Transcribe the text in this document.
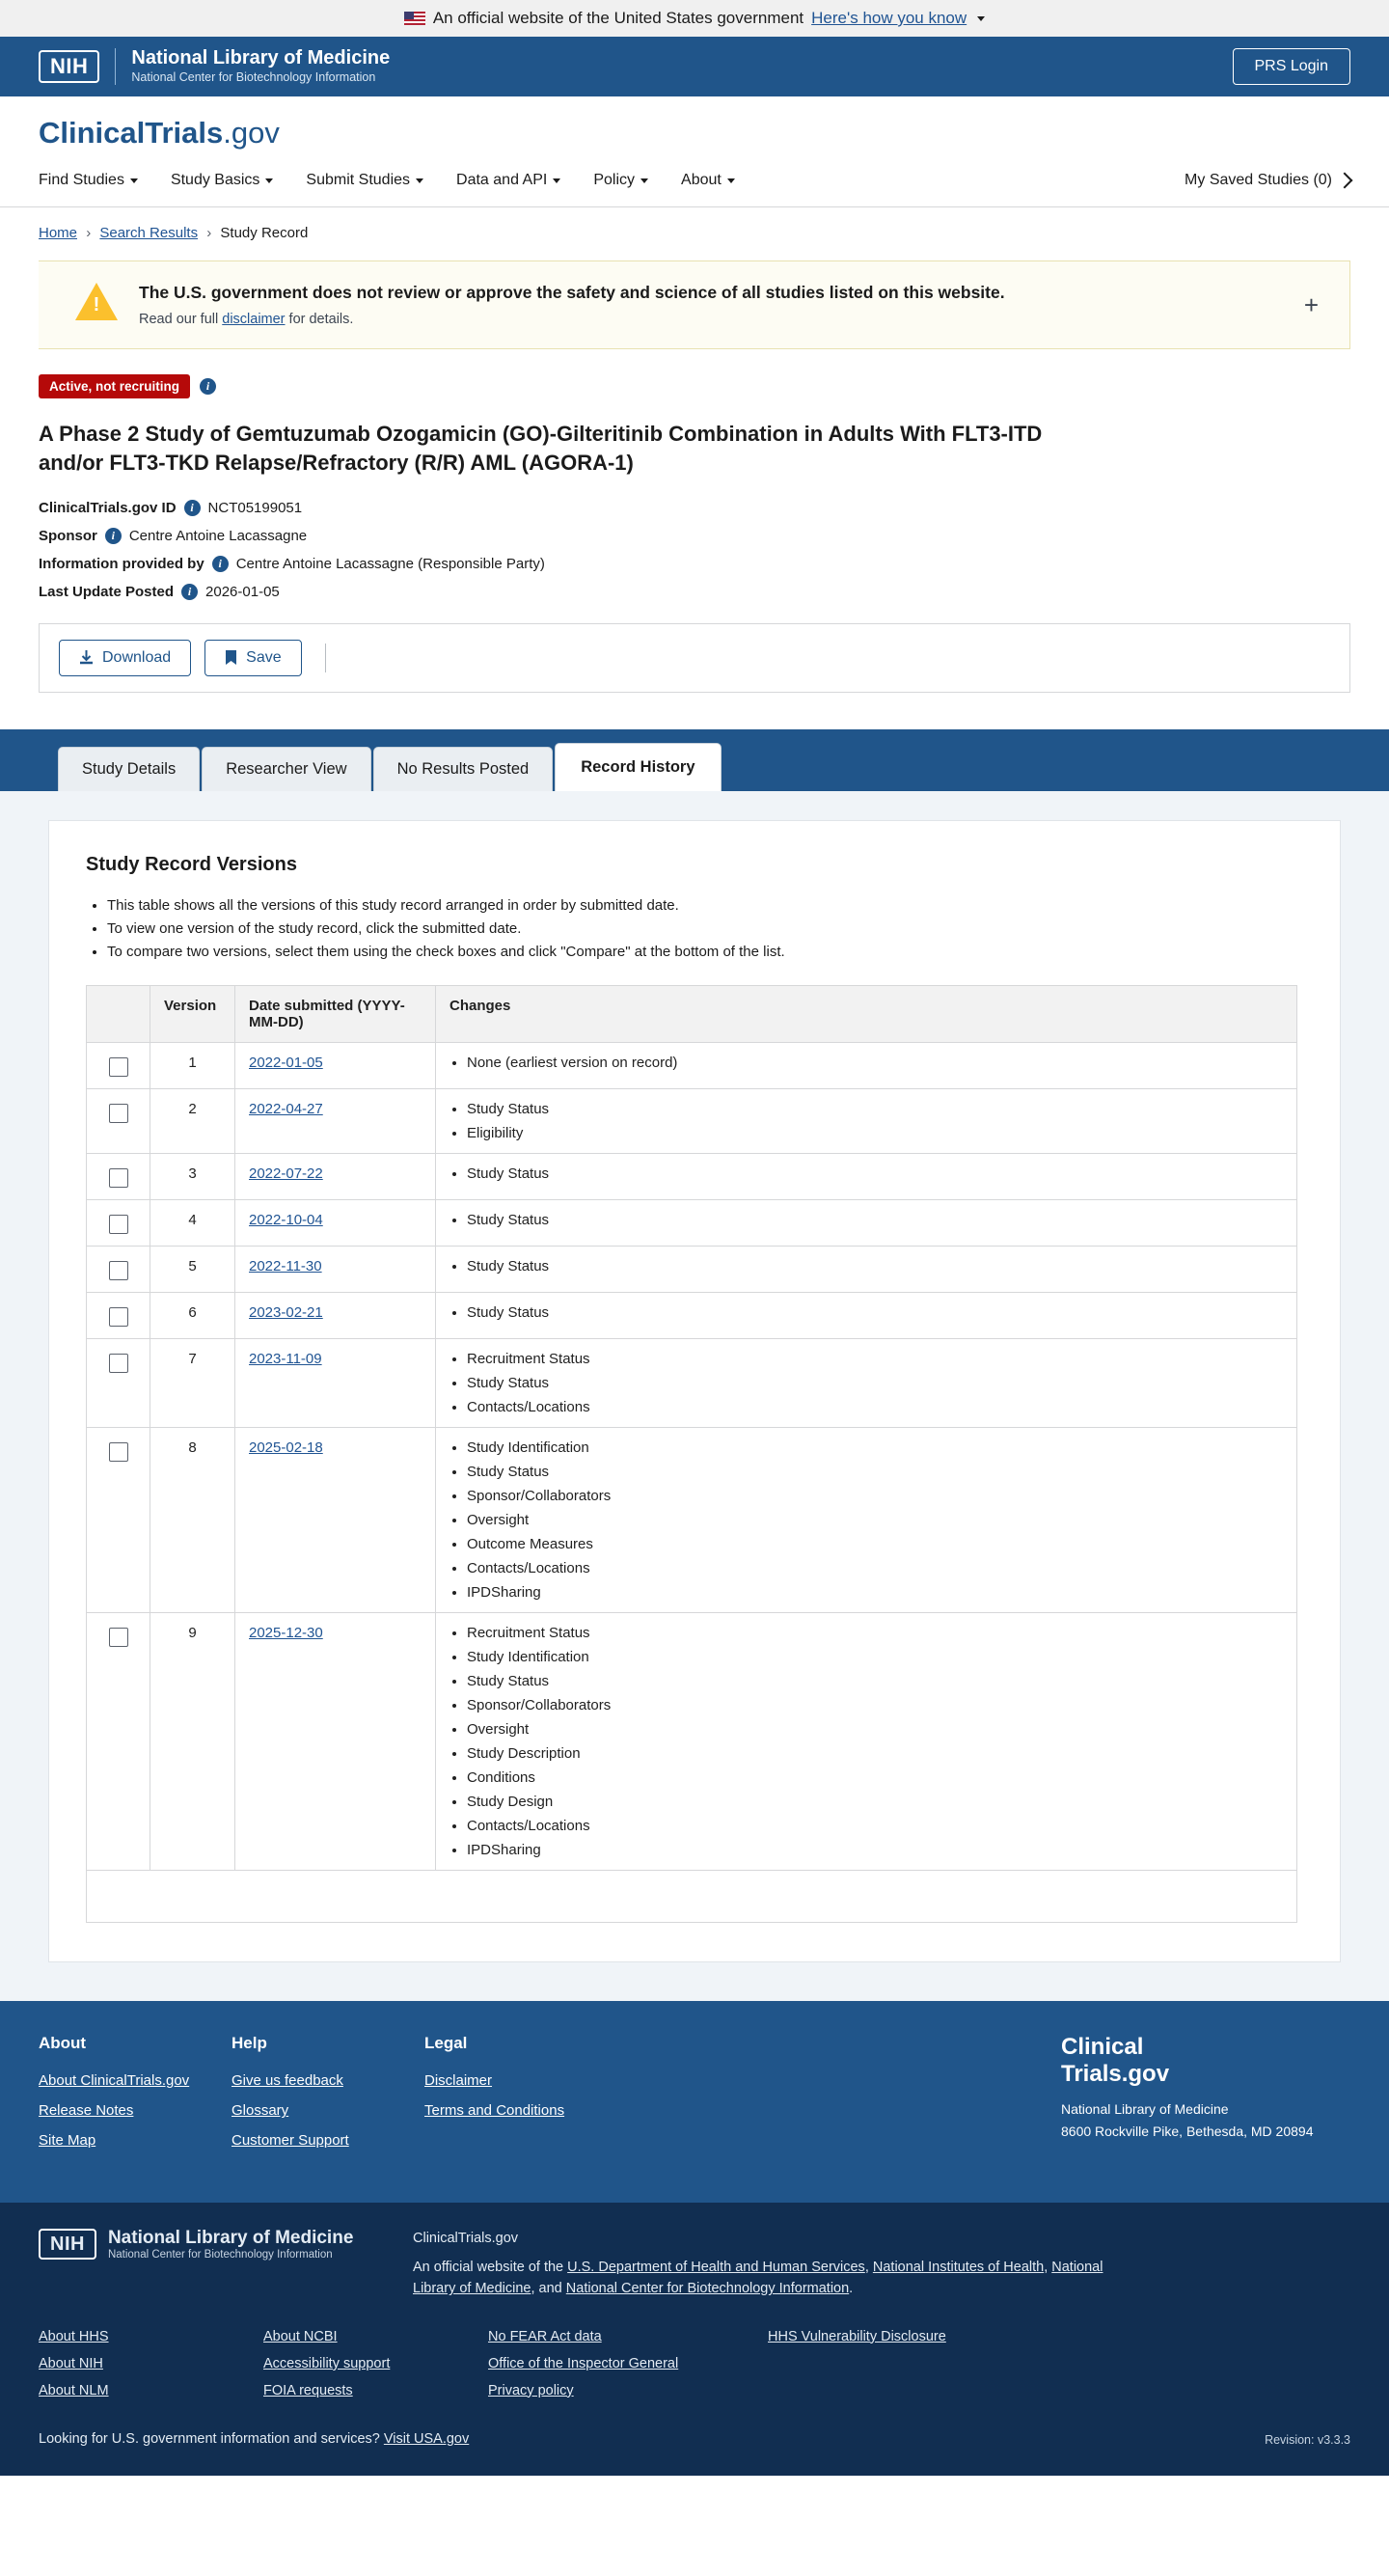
An official website of the United States government Here's how you know
NIH	National Library of Medicine
National Center for Biotechnology Information
PRS Login
ClinicalTrials.gov
Find Studies	Study Basics	Submit Studies	Data and API	Policy	About	My Saved Studies (0)
Home › Search Results › Study Record
!
The U.S. government does not review or approve the safety and science of all studies listed on this website.
Read our full disclaimer for details.	+
Active, not recruiting	i
A Phase 2 Study of Gemtuzumab Ozogamicin (GO)-Gilteritinib Combination in Adults With FLT3-ITD and/or FLT3-TKD Relapse/Refractory (R/R) AML (AGORA-1)
ClinicalTrials.gov ID	i NCT05199051
Sponsor	i Centre Antoine Lacassagne
Information provided by	i Centre Antoine Lacassagne (Responsible Party)
Last Update Posted	i 2026-01-05
Download	Save
Study Details	Researcher View	No Results Posted	Record History
Study Record Versions
• This table shows all the versions of this study record arranged in order by submitted date.
• To view one version of the study record, click the submitted date.
• To compare two versions, select them using the check boxes and click "Compare" at the bottom of the list.
	Version	Date submitted (YYYY-MM-DD)	Changes

	1	2022-01-05	
•None (earliest version on record)

	2	2022-04-27	
•Study Status
• Eligibility

	3	2022-07-22	
•Study Status

	4	2022-10-04	
•Study Status

	5	2022-11-30	
•Study Status

	6	2023-02-21	
•Study Status

	7	2023-11-09	
•Recruitment Status
• Study Status
• Contacts/Locations

	8	2025-02-18	
•Study Identification
• Study Status
• Sponsor/Collaborators
• Oversight
• Outcome Measures
• Contacts/Locations
• IPDSharing

	9	2025-12-30	
•Recruitment Status
• Study Identification
• Study Status
• Sponsor/Collaborators
• Oversight
• Study Description
• Conditions
• Study Design
• Contacts/Locations
• IPDSharing

About
About ClinicalTrials.gov
Release Notes
Site Map
Help
Give us feedback
Glossary
Customer Support
Legal
Disclaimer
Terms and Conditions
Clinical
Trials.gov
National Library of Medicine
8600 Rockville Pike, Bethesda, MD 20894
NIH	National Library of Medicine
National Center for Biotechnology Information
ClinicalTrials.gov
An official website of the U.S. Department of Health and Human Services, National Institutes of Health, National Library of Medicine, and National Center for Biotechnology Information.
About HHS
About NIH
About NLM
About NCBI
Accessibility support
FOIA requests
No FEAR Act data
Office of the Inspector General
Privacy policy
HHS Vulnerability Disclosure
Looking for U.S. government information and services? Visit USA.gov	Revision: v3.3.3
